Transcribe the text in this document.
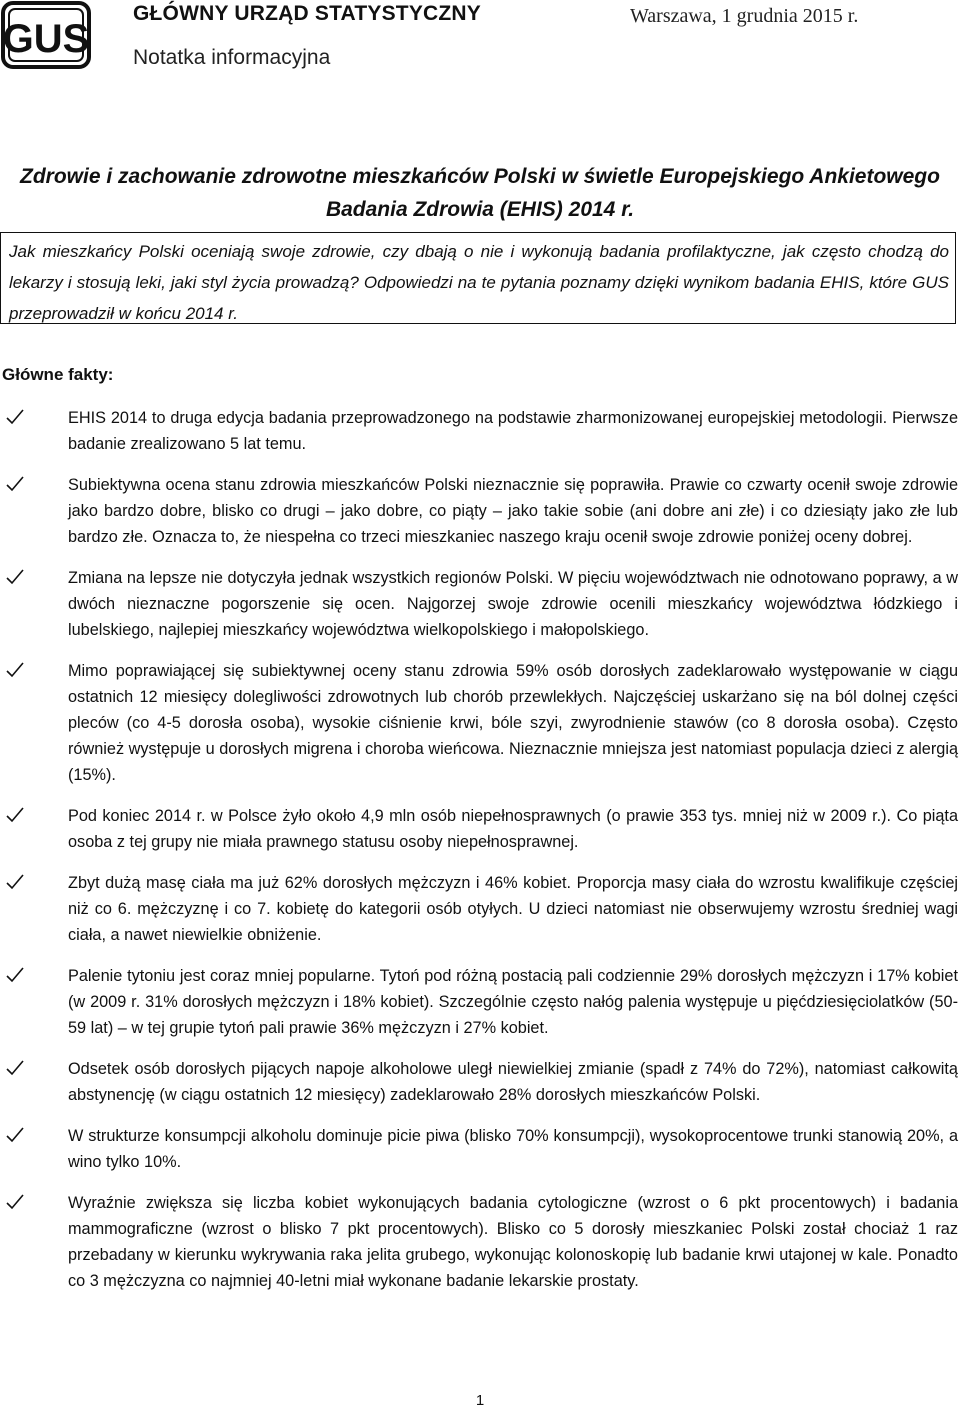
GUS
GŁÓWNY URZĄD STATYSTYCZNY
Notatka informacyjna
Warszawa, 1 grudnia 2015 r.
Zdrowie i zachowanie zdrowotne mieszkańców Polski w świetle Europejskiego Ankietowego Badania Zdrowia (EHIS) 2014 r.
Jak mieszkańcy Polski oceniają swoje zdrowie, czy dbają o nie i wykonują badania profilaktyczne, jak często chodzą do lekarzy i stosują leki, jaki styl życia prowadzą? Odpowiedzi na te pytania poznamy dzięki wynikom badania EHIS, które GUS przeprowadził w końcu 2014 r.
Główne fakty:
EHIS 2014 to druga edycja badania przeprowadzonego na podstawie zharmonizowanej europejskiej metodologii. Pierwsze badanie zrealizowano 5 lat temu.
Subiektywna ocena stanu zdrowia mieszkańców Polski nieznacznie się poprawiła. Prawie co czwarty ocenił swoje zdrowie jako bardzo dobre, blisko co drugi – jako dobre, co piąty – jako takie sobie (ani dobre ani złe) i co dziesiąty jako złe lub bardzo złe. Oznacza to, że niespełna co trzeci mieszkaniec naszego kraju ocenił swoje zdrowie poniżej oceny dobrej.
Zmiana na lepsze nie dotyczyła jednak wszystkich regionów Polski. W pięciu województwach nie odnotowano poprawy, a w dwóch nieznaczne pogorszenie się ocen. Najgorzej swoje zdrowie ocenili mieszkańcy województwa łódzkiego i lubelskiego, najlepiej mieszkańcy województwa wielkopolskiego i małopolskiego.
Mimo poprawiającej się subiektywnej oceny stanu zdrowia 59% osób dorosłych zadeklarowało występowanie w ciągu ostatnich 12 miesięcy dolegliwości zdrowotnych lub chorób przewlekłych. Najczęściej uskarżano się na ból dolnej części pleców (co 4-5 dorosła osoba), wysokie ciśnienie krwi, bóle szyi, zwyrodnienie stawów (co 8 dorosła osoba). Często również występuje u dorosłych migrena i choroba wieńcowa. Nieznacznie mniejsza jest natomiast populacja dzieci z alergią (15%).
Pod koniec 2014 r. w Polsce żyło około 4,9 mln osób niepełnosprawnych (o prawie 353 tys. mniej niż w 2009 r.). Co piąta osoba z tej grupy nie miała prawnego statusu osoby niepełnosprawnej.
Zbyt dużą masę ciała ma już 62% dorosłych mężczyzn i 46% kobiet. Proporcja masy ciała do wzrostu kwalifikuje częściej niż co 6. mężczyznę i co 7. kobietę do kategorii osób otyłych. U dzieci natomiast nie obserwujemy wzrostu średniej wagi ciała, a nawet niewielkie obniżenie.
Palenie tytoniu jest coraz mniej popularne. Tytoń pod różną postacią pali codziennie 29% dorosłych mężczyzn i 17% kobiet (w 2009 r. 31% dorosłych mężczyzn i 18% kobiet). Szczególnie często nałóg palenia występuje u pięćdziesięciolatków (50-59 lat) – w tej grupie tytoń pali prawie 36% mężczyzn i 27% kobiet.
Odsetek osób dorosłych pijących napoje alkoholowe uległ niewielkiej zmianie (spadł z 74% do 72%), natomiast całkowitą abstynencję (w ciągu ostatnich 12 miesięcy) zadeklarowało 28% dorosłych mieszkańców Polski.
W strukturze konsumpcji alkoholu dominuje picie piwa (blisko 70% konsumpcji), wysokoprocentowe trunki stanowią 20%, a wino tylko 10%.
Wyraźnie zwiększa się liczba kobiet wykonujących badania cytologiczne (wzrost o 6 pkt procentowych) i badania mammograficzne (wzrost o blisko 7 pkt procentowych). Blisko co 5 dorosły mieszkaniec Polski został chociaż 1 raz przebadany w kierunku wykrywania raka jelita grubego, wykonując kolonoskopię lub badanie krwi utajonej w kale. Ponadto co 3 mężczyzna co najmniej 40-letni miał wykonane badanie lekarskie prostaty.
1
